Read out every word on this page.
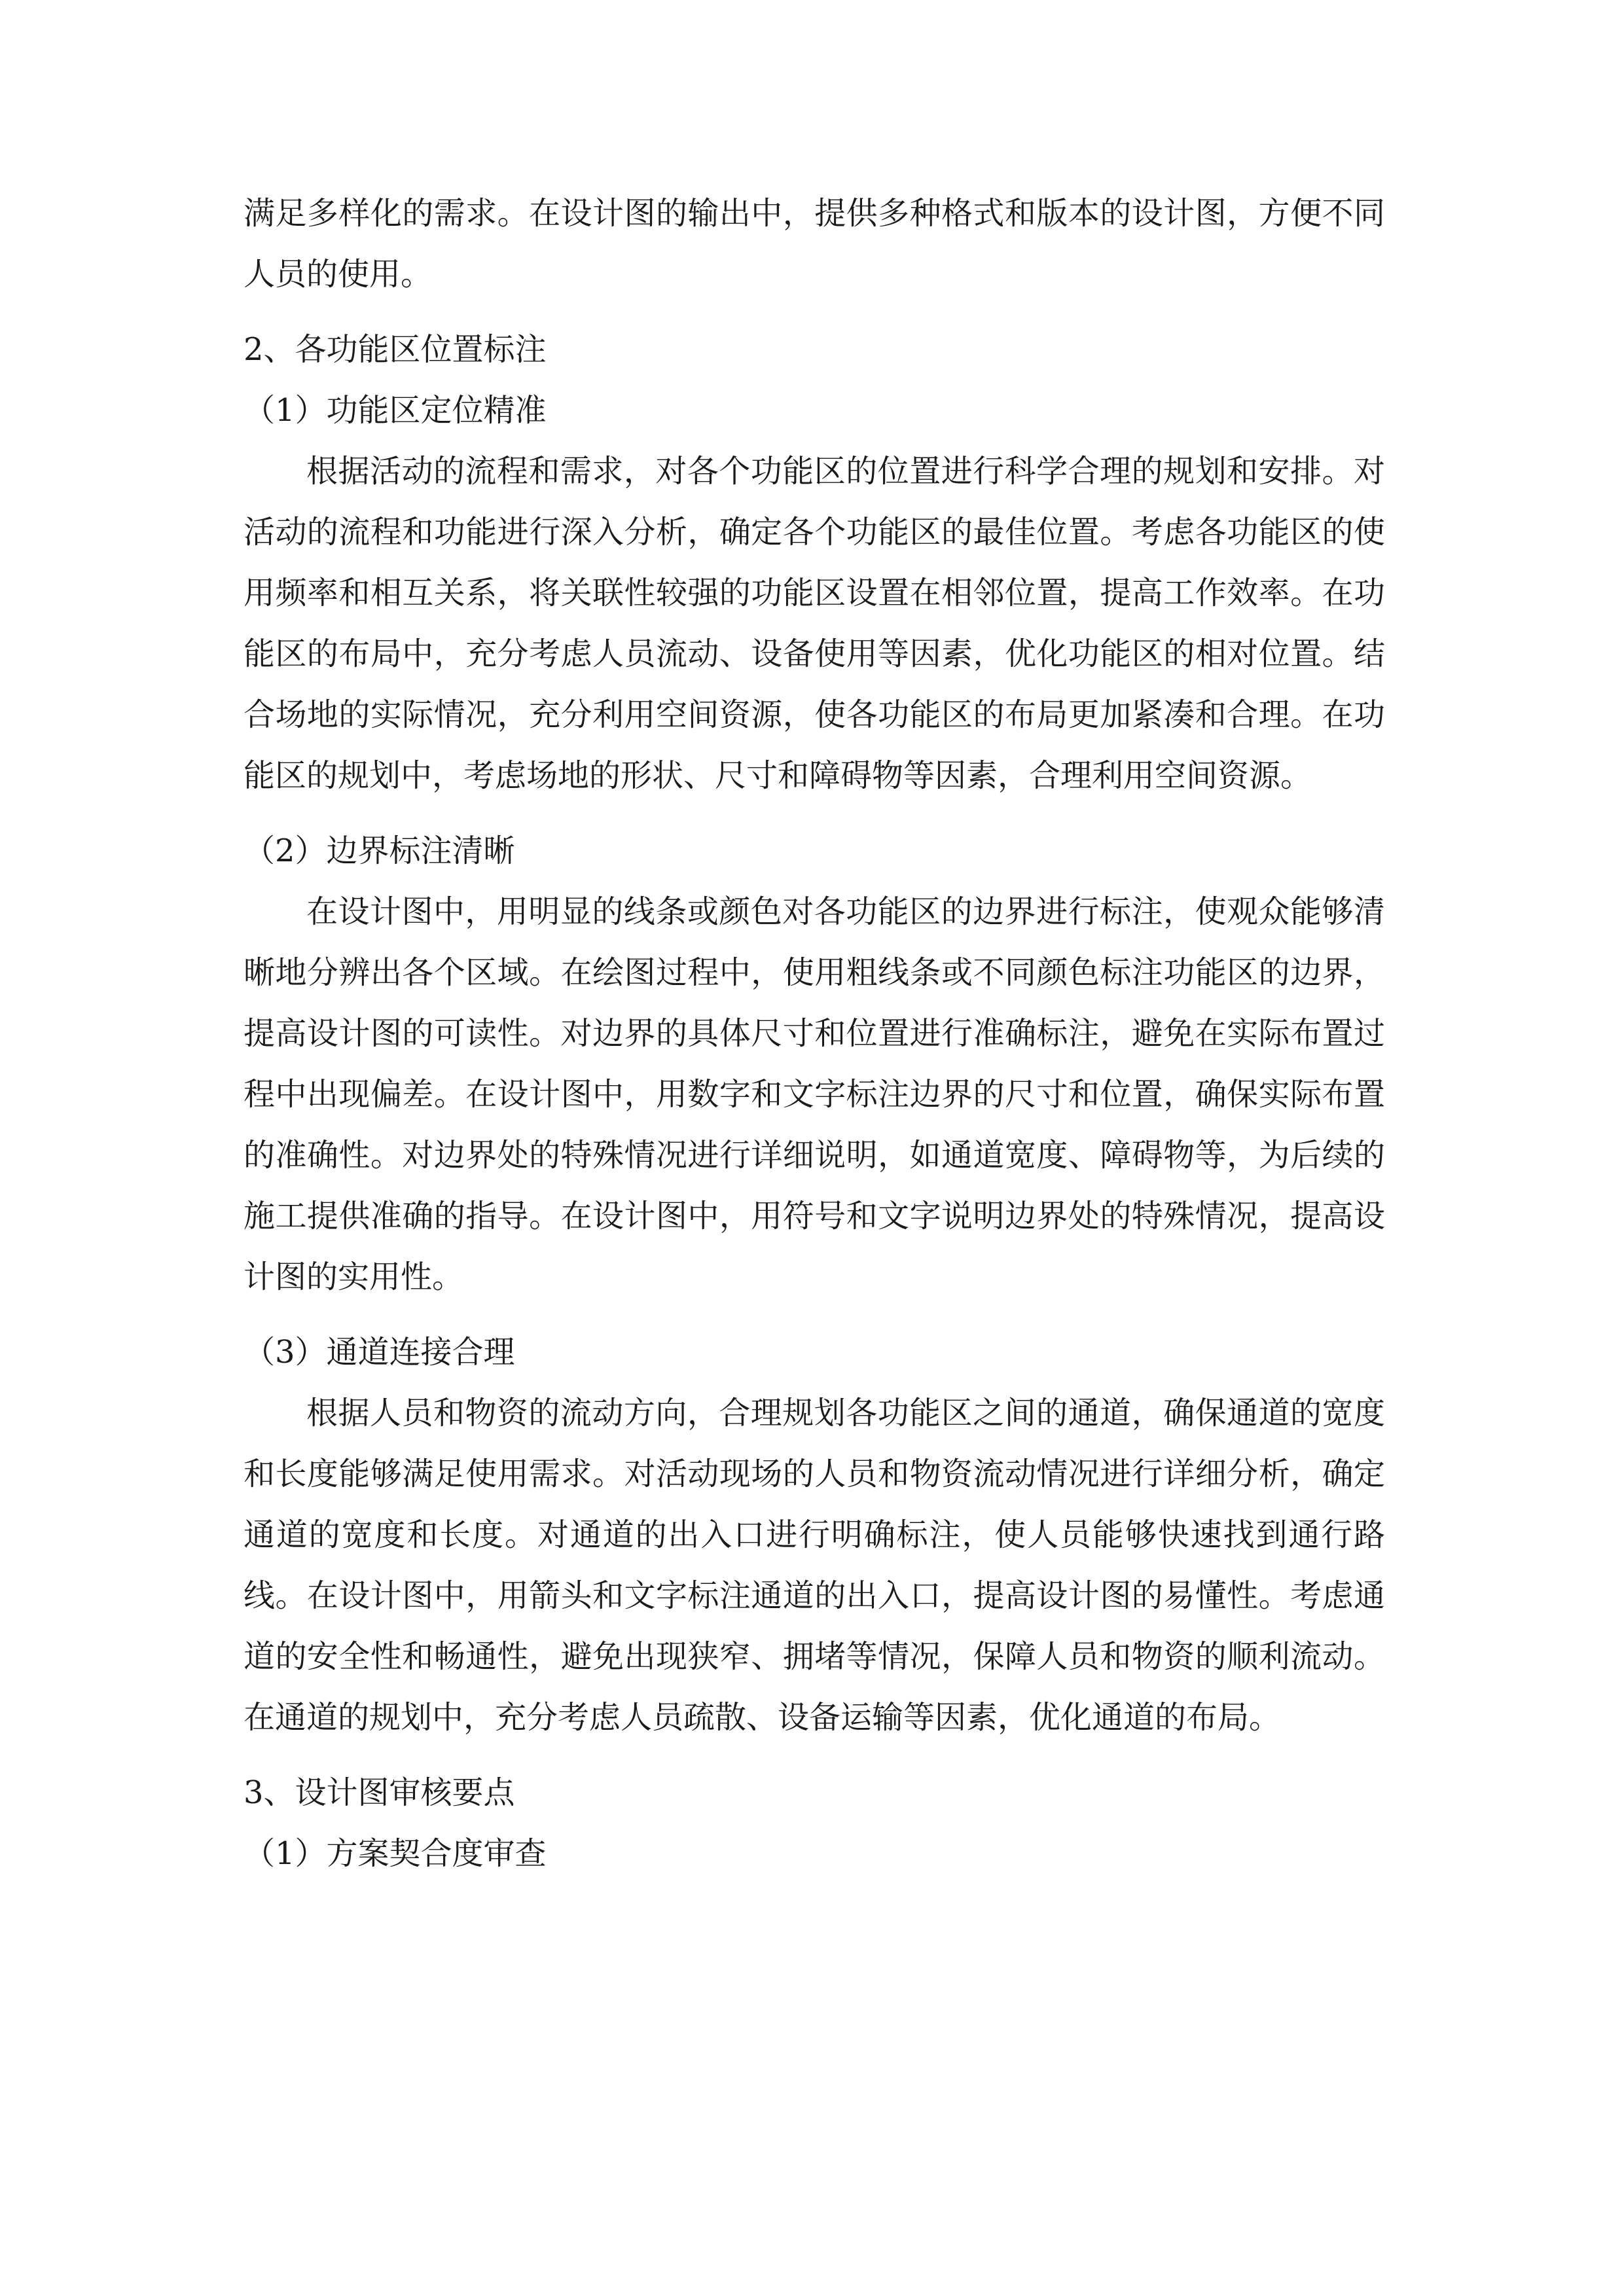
满足多样化的需求。在设计图的输出中，提供多种格式和版本的设计图，方便不同人员的使用。

2、各功能区位置标注

（1）功能区定位精准

根据活动的流程和需求，对各个功能区的位置进行科学合理的规划和安排。对活动的流程和功能进行深入分析，确定各个功能区的最佳位置。考虑各功能区的使用频率和相互关系，将关联性较强的功能区设置在相邻位置，提高工作效率。在功能区的布局中，充分考虑人员流动、设备使用等因素，优化功能区的相对位置。结合场地的实际情况，充分利用空间资源，使各功能区的布局更加紧凑和合理。在功能区的规划中，考虑场地的形状、尺寸和障碍物等因素，合理利用空间资源。

（2）边界标注清晰

在设计图中，用明显的线条或颜色对各功能区的边界进行标注，使观众能够清晰地分辨出各个区域。在绘图过程中，使用粗线条或不同颜色标注功能区的边界，提高设计图的可读性。对边界的具体尺寸和位置进行准确标注，避免在实际布置过程中出现偏差。在设计图中，用数字和文字标注边界的尺寸和位置，确保实际布置的准确性。对边界处的特殊情况进行详细说明，如通道宽度、障碍物等，为后续的施工提供准确的指导。在设计图中，用符号和文字说明边界处的特殊情况，提高设计图的实用性。

（3）通道连接合理

根据人员和物资的流动方向，合理规划各功能区之间的通道，确保通道的宽度和长度能够满足使用需求。对活动现场的人员和物资流动情况进行详细分析，确定通道的宽度和长度。对通道的出入口进行明确标注，使人员能够快速找到通行路线。在设计图中，用箭头和文字标注通道的出入口，提高设计图的易懂性。考虑通道的安全性和畅通性，避免出现狭窄、拥堵等情况，保障人员和物资的顺利流动。在通道的规划中，充分考虑人员疏散、设备运输等因素，优化通道的布局。

3、设计图审核要点

（1）方案契合度审查
